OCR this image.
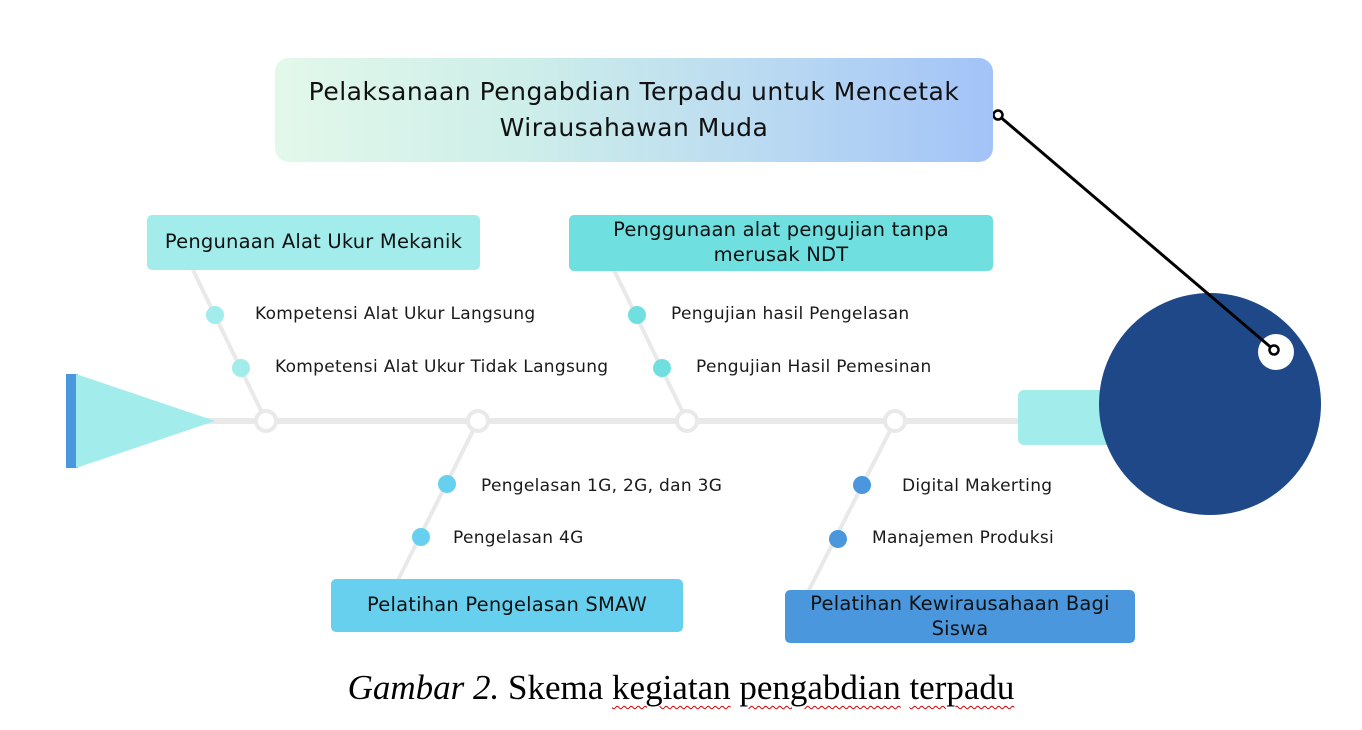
Pelaksanaan Pengabdian Terpadu untuk Mencetak Wirausahawan Muda
Pengunaan Alat Ukur Mekanik
Penggunaan alat pengujian tanpa merusak NDT
Pelatihan Pengelasan SMAW	Pelatihan Kewirausahaan Bagi Siswa
Kompetensi Alat Ukur Langsung
Kompetensi Alat Ukur Tidak Langsung
Pengujian hasil Pengelasan
Pengujian Hasil Pemesinan
Pengelasan 1G, 2G, dan 3G
Pengelasan 4G
Digital Makerting
Manajemen Produksi
Gambar 2. Skema kegiatan pengabdian terpadu
